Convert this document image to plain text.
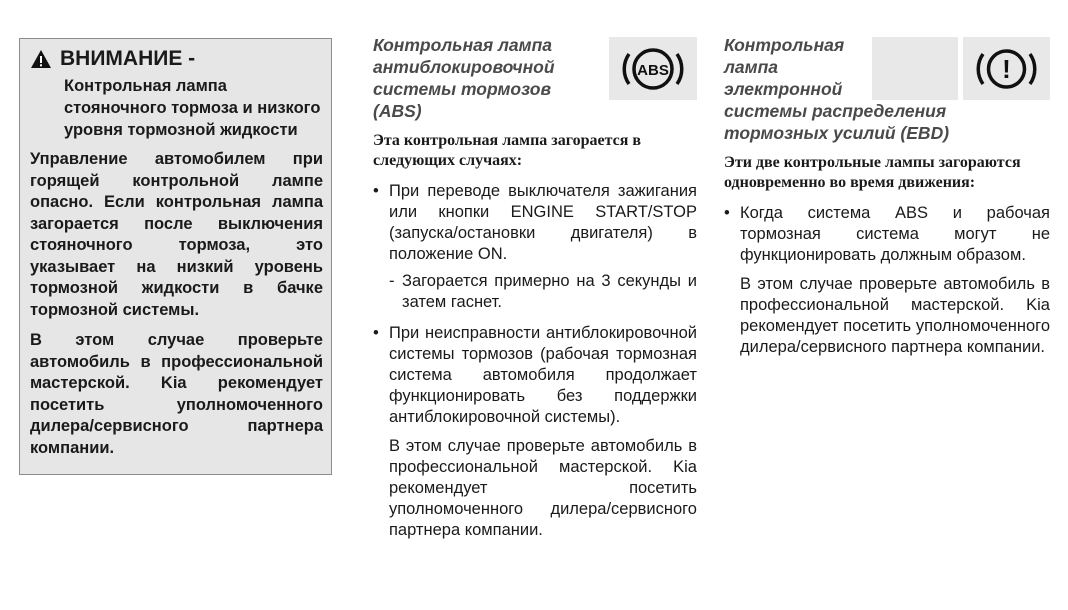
ВНИМАНИЕ -
Контрольная лампа стояночного тормоза и низкого уровня тормозной жидкости
Управление автомобилем при горящей контрольной лампе опасно. Если контрольная лампа загорается после выключения стояночного тормоза, это указывает на низкий уровень тормозной жидкости в бачке тормозной системы.
В этом случае проверьте автомобиль в профессиональной мастерской. Kia рекомендует посетить уполномоченного дилера/сервисного партнера компании.
ABS
Контрольная лампа
антиблокировочной
системы тормозов
(ABS)
Эта контрольная лампа загорается в следующих случаях:
• При переводе выключателя зажигания или кнопки ENGINE START/STOP (запуска/остановки двигателя) в положение ON.
- Загорается примерно на 3 секунды и затем гаснет.
• При неисправности антиблокировочной системы тормозов (рабочая тормозная система автомобиля продолжает функционировать без поддержки антиблокировочной системы).
В этом случае проверьте автомобиль в профессиональной мастерской. Kia рекомендует посетить уполномоченного дилера/сервисного партнера компании.
!
Контрольная
лампа
электронной
системы распределения
тормозных усилий (EBD)
Эти две контрольные лампы загораются одновременно во время движения:
• Когда система ABS и рабочая тормозная система могут не функционировать должным образом.
В этом случае проверьте автомобиль в профессиональной мастерской. Kia рекомендует посетить уполномоченного дилера/сервисного партнера компании.
